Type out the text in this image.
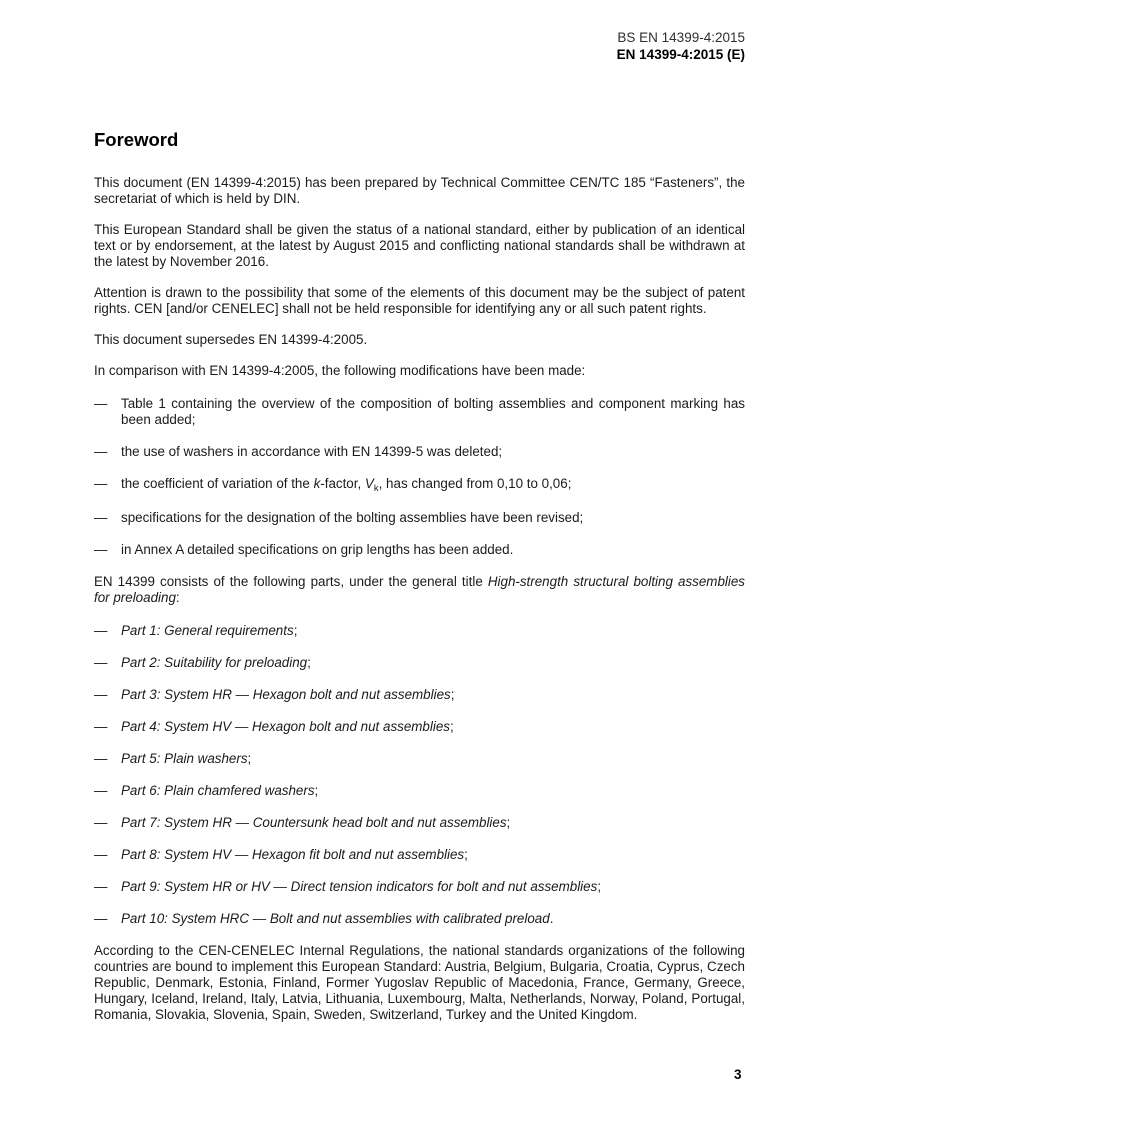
BS EN 14399-4:2015
EN 14399-4:2015 (E)
Foreword

This document (EN 14399-4:2015) has been prepared by Technical Committee CEN/TC 185 “Fasteners”, the secretariat of which is held by DIN.

This European Standard shall be given the status of a national standard, either by publication of an identical text or by endorsement, at the latest by August 2015 and conflicting national standards shall be withdrawn at the latest by November 2016.

Attention is drawn to the possibility that some of the elements of this document may be the subject of patent rights. CEN [and/or CENELEC] shall not be held responsible for identifying any or all such patent rights.

This document supersedes EN 14399-4:2005.

In comparison with EN 14399-4:2005, the following modifications have been made:

—	Table 1 containing the overview of the composition of bolting assemblies and component marking has been added;
—	the use of washers in accordance with EN 14399-5 was deleted;
—	the coefficient of variation of the k-factor, $V_k$, has changed from 0,10 to 0,06;
—	specifications for the designation of the bolting assemblies have been revised;
—	in Annex A detailed specifications on grip lengths has been added.

EN 14399 consists of the following parts, under the general title High-strength structural bolting assemblies for preloading:

—	Part 1: General requirements;
—	Part 2: Suitability for preloading;
—	Part 3: System HR — Hexagon bolt and nut assemblies;
—	Part 4: System HV — Hexagon bolt and nut assemblies;
—	Part 5: Plain washers;
—	Part 6: Plain chamfered washers;
—	Part 7: System HR — Countersunk head bolt and nut assemblies;
—	Part 8: System HV — Hexagon fit bolt and nut assemblies;
—	Part 9: System HR or HV — Direct tension indicators for bolt and nut assemblies;
—	Part 10: System HRC — Bolt and nut assemblies with calibrated preload.

According to the CEN-CENELEC Internal Regulations, the national standards organizations of the following countries are bound to implement this European Standard: Austria, Belgium, Bulgaria, Croatia, Cyprus, Czech Republic, Denmark, Estonia, Finland, Former Yugoslav Republic of Macedonia, France, Germany, Greece, Hungary, Iceland, Ireland, Italy, Latvia, Lithuania, Luxembourg, Malta, Netherlands, Norway, Poland, Portugal, Romania, Slovakia, Slovenia, Spain, Sweden, Switzerland, Turkey and the United Kingdom.

3
